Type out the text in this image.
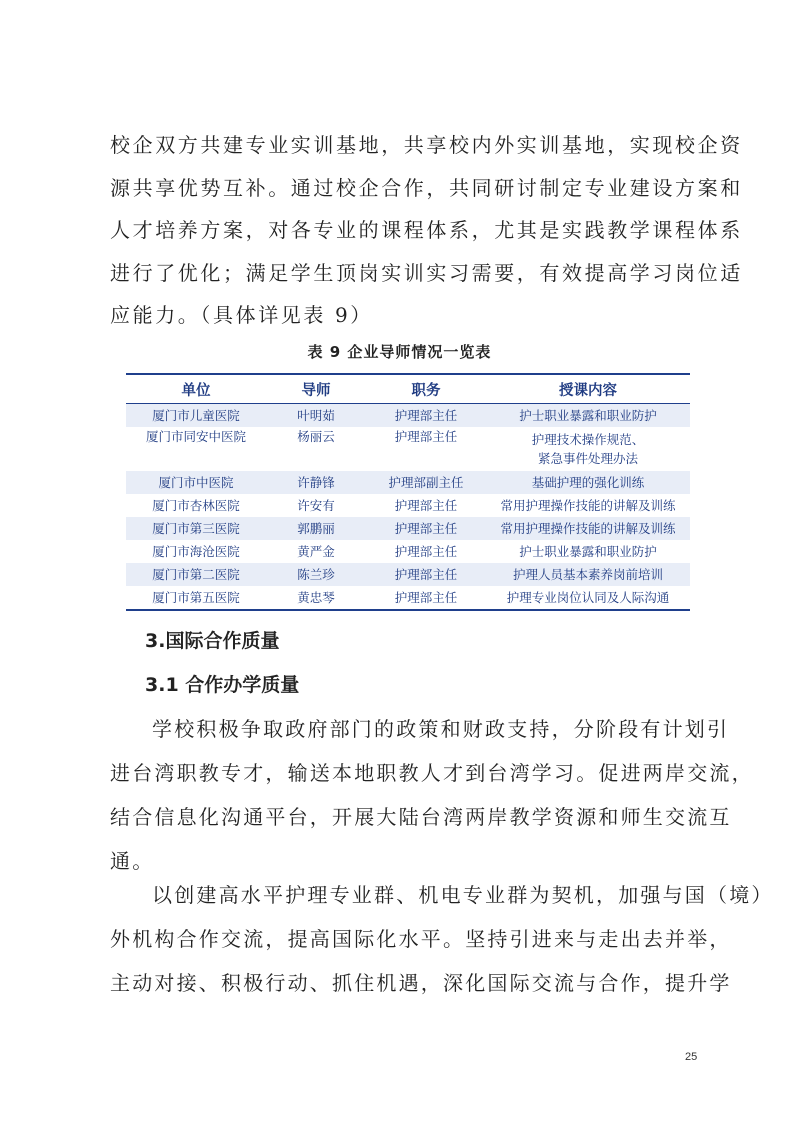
校企双方共建专业实训基地，共享校内外实训基地，实现校企资
源共享优势互补。通过校企合作，共同研讨制定专业建设方案和
人才培养方案，对各专业的课程体系，尤其是实践教学课程体系
进行了优化；满足学生顶岗实训实习需要，有效提高学习岗位适
应能力。（具体详见表 9）
表 9 企业导师情况一览表
单位	导师	职务	授课内容
厦门市儿童医院	叶明茹	护理部主任	护士职业暴露和职业防护
厦门市同安中医院	杨丽云	护理部主任	护理技术操作规范、
紧急事件处理办法
厦门市中医院	许静锋	护理部副主任	基础护理的强化训练
厦门市杏林医院	许安有	护理部主任	常用护理操作技能的讲解及训练
厦门市第三医院	郭鹏丽	护理部主任	常用护理操作技能的讲解及训练
厦门市海沧医院	黄严金	护理部主任	护士职业暴露和职业防护
厦门市第二医院	陈兰珍	护理部主任	护理人员基本素养岗前培训
厦门市第五医院	黄忠琴	护理部主任	护理专业岗位认同及人际沟通
3.国际合作质量
3.1 合作办学质量
学校积极争取政府部门的政策和财政支持，分阶段有计划引
进台湾职教专才，输送本地职教人才到台湾学习。促进两岸交流，
结合信息化沟通平台，开展大陆台湾两岸教学资源和师生交流互
通。
以创建高水平护理专业群、机电专业群为契机，加强与国（境）
外机构合作交流，提高国际化水平。坚持引进来与走出去并举，
主动对接、积极行动、抓住机遇，深化国际交流与合作，提升学
25
